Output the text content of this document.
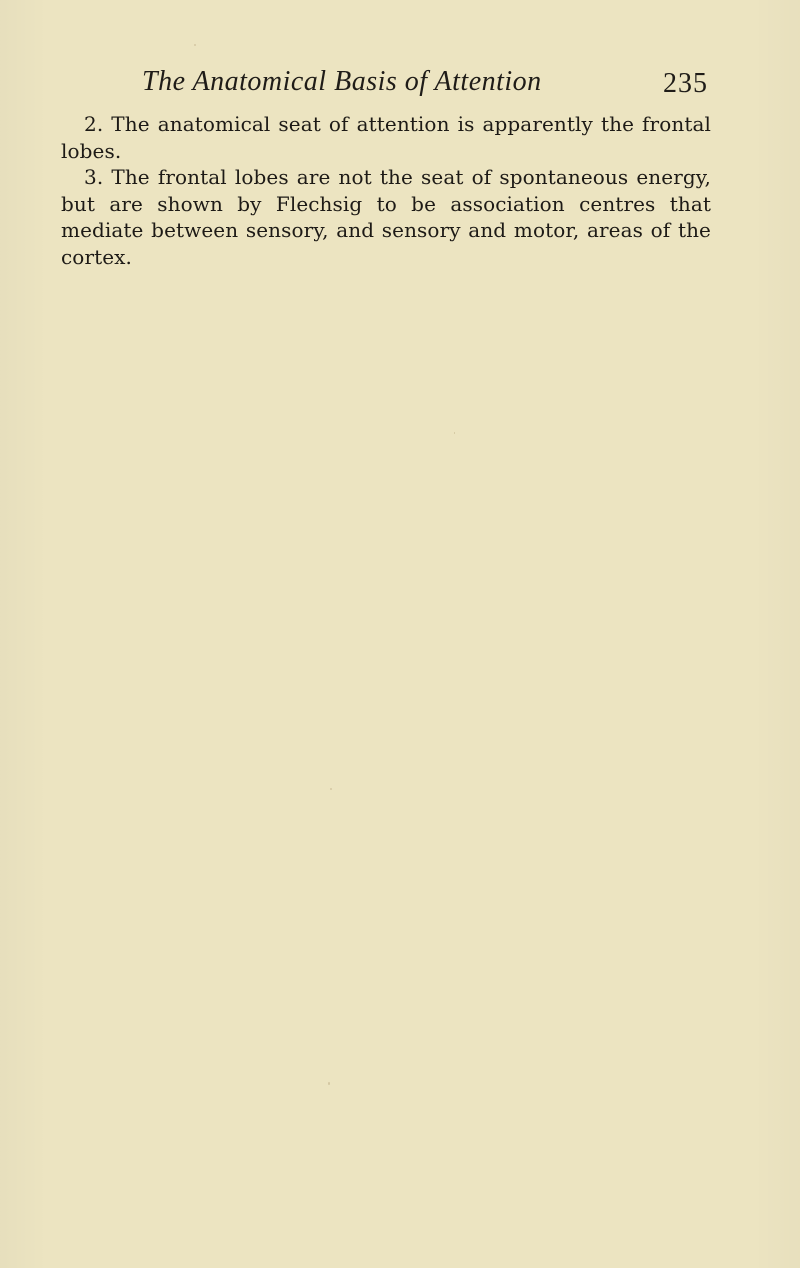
The Anatomical Basis of Attention	235

2. The anatomical seat of attention is apparently the frontal lobes.

3. The frontal lobes are not the seat of spontaneous energy, but are shown by Flechsig to be association centres that mediate between sensory, and sensory and motor, areas of the cortex.
